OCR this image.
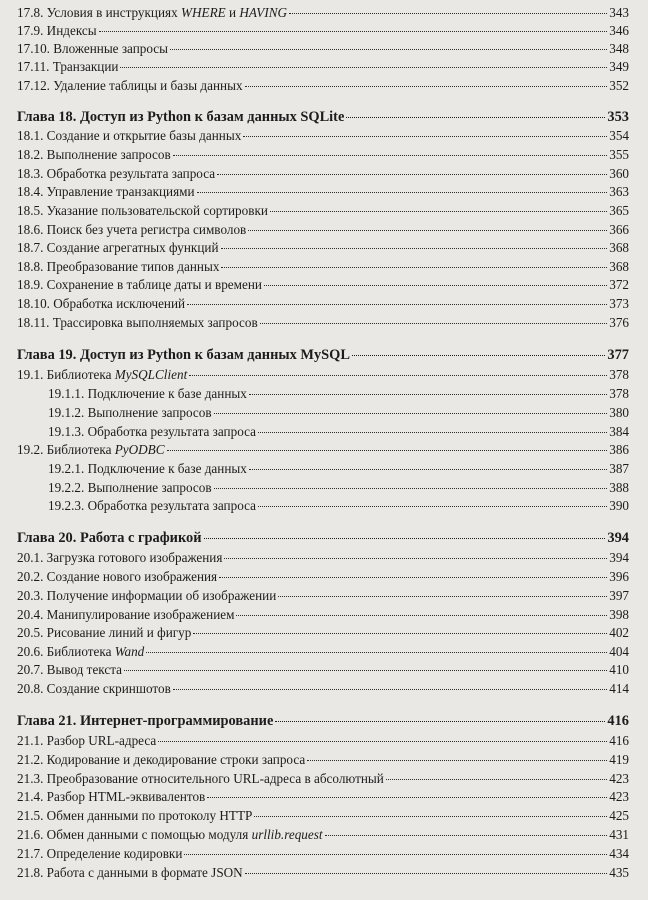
17.8. Условия в инструкциях WHERE и HAVING	343
17.9. Индексы	346
17.10. Вложенные запросы	348
17.11. Транзакции	349
17.12. Удаление таблицы и базы данных	352
Глава 18. Доступ из Python к базам данных SQLite	353
18.1. Создание и открытие базы данных	354
18.2. Выполнение запросов	355
18.3. Обработка результата запроса	360
18.4. Управление транзакциями	363
18.5. Указание пользовательской сортировки	365
18.6. Поиск без учета регистра символов	366
18.7. Создание агрегатных функций	368
18.8. Преобразование типов данных	368
18.9. Сохранение в таблице даты и времени	372
18.10. Обработка исключений	373
18.11. Трассировка выполняемых запросов	376
Глава 19. Доступ из Python к базам данных MySQL	377
19.1. Библиотека MySQLClient	378
19.1.1. Подключение к базе данных	378
19.1.2. Выполнение запросов	380
19.1.3. Обработка результата запроса	384
19.2. Библиотека PyODBC	386
19.2.1. Подключение к базе данных	387
19.2.2. Выполнение запросов	388
19.2.3. Обработка результата запроса	390
Глава 20. Работа с графикой	394
20.1. Загрузка готового изображения	394
20.2. Создание нового изображения	396
20.3. Получение информации об изображении	397
20.4. Манипулирование изображением	398
20.5. Рисование линий и фигур	402
20.6. Библиотека Wand	404
20.7. Вывод текста	410
20.8. Создание скриншотов	414
Глава 21. Интернет-программирование	416
21.1. Разбор URL-адреса	416
21.2. Кодирование и декодирование строки запроса	419
21.3. Преобразование относительного URL-адреса в абсолютный	423
21.4. Разбор HTML-эквивалентов	423
21.5. Обмен данными по протоколу HTTP	425
21.6. Обмен данными с помощью модуля urllib.request	431
21.7. Определение кодировки	434
21.8. Работа с данными в формате JSON	435
